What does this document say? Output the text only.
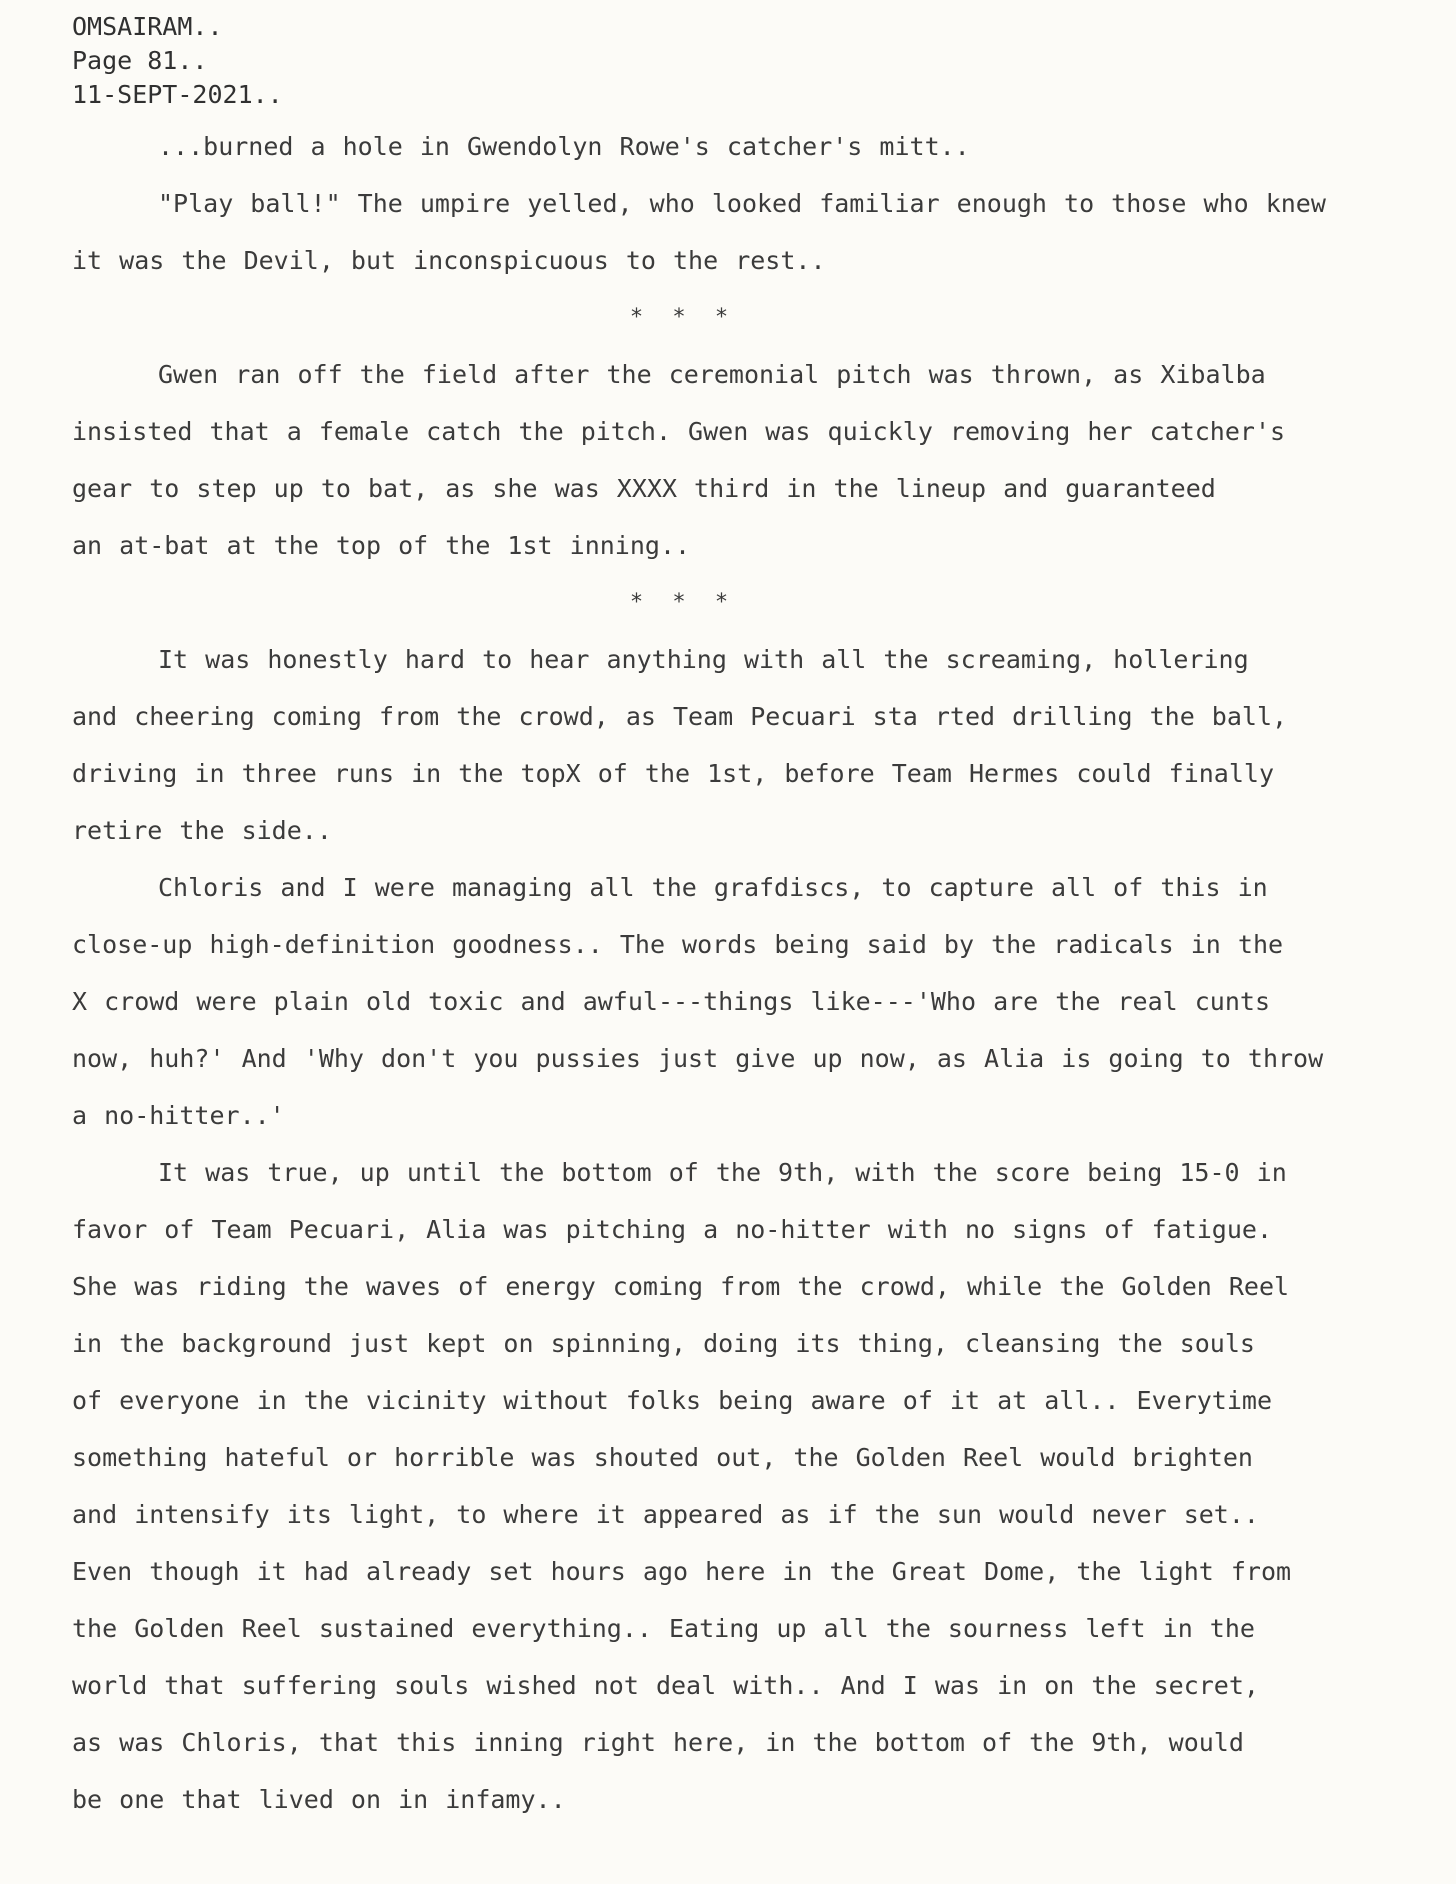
OMSAIRAM..
Page 81..
11-SEPT-2021..

...burned a hole in Gwendolyn Rowe's catcher's mitt..

"Play ball!" The umpire yelled, who looked familiar enough to those who knew
it was the Devil, but inconspicuous to the rest..

* * *

Gwen ran off the field after the ceremonial pitch was thrown, as Xibalba
insisted that a female catch the pitch. Gwen was quickly removing her catcher's
gear to step up to bat, as she was XXXX third in the lineup and guaranteed
an at-bat at the top of the 1st inning..

* * *

It was honestly hard to hear anything with all the screaming, hollering
and cheering coming from the crowd, as Team Pecuari sta rted drilling the ball,
driving in three runs in the topX of the 1st, before Team Hermes could finally
retire the side..

Chloris and I were managing all the grafdiscs, to capture all of this in
close-up high-definition goodness.. The words being said by the radicals in the
X crowd were plain old toxic and awful---things like---'Who are the real cunts
now, huh?' And 'Why don't you pussies just give up now, as Alia is going to throw
a no-hitter..'

It was true, up until the bottom of the 9th, with the score being 15-0 in
favor of Team Pecuari, Alia was pitching a no-hitter with no signs of fatigue.
She was riding the waves of energy coming from the crowd, while the Golden Reel
in the background just kept on spinning, doing its thing, cleansing the souls
of everyone in the vicinity without folks being aware of it at all.. Everytime
something hateful or horrible was shouted out, the Golden Reel would brighten
and intensify its light, to where it appeared as if the sun would never set..
Even though it had already set hours ago here in the Great Dome, the light from
the Golden Reel sustained everything.. Eating up all the sourness left in the
world that suffering souls wished not deal with.. And I was in on the secret,
as was Chloris, that this inning right here, in the bottom of the 9th, would
be one that lived on in infamy..
